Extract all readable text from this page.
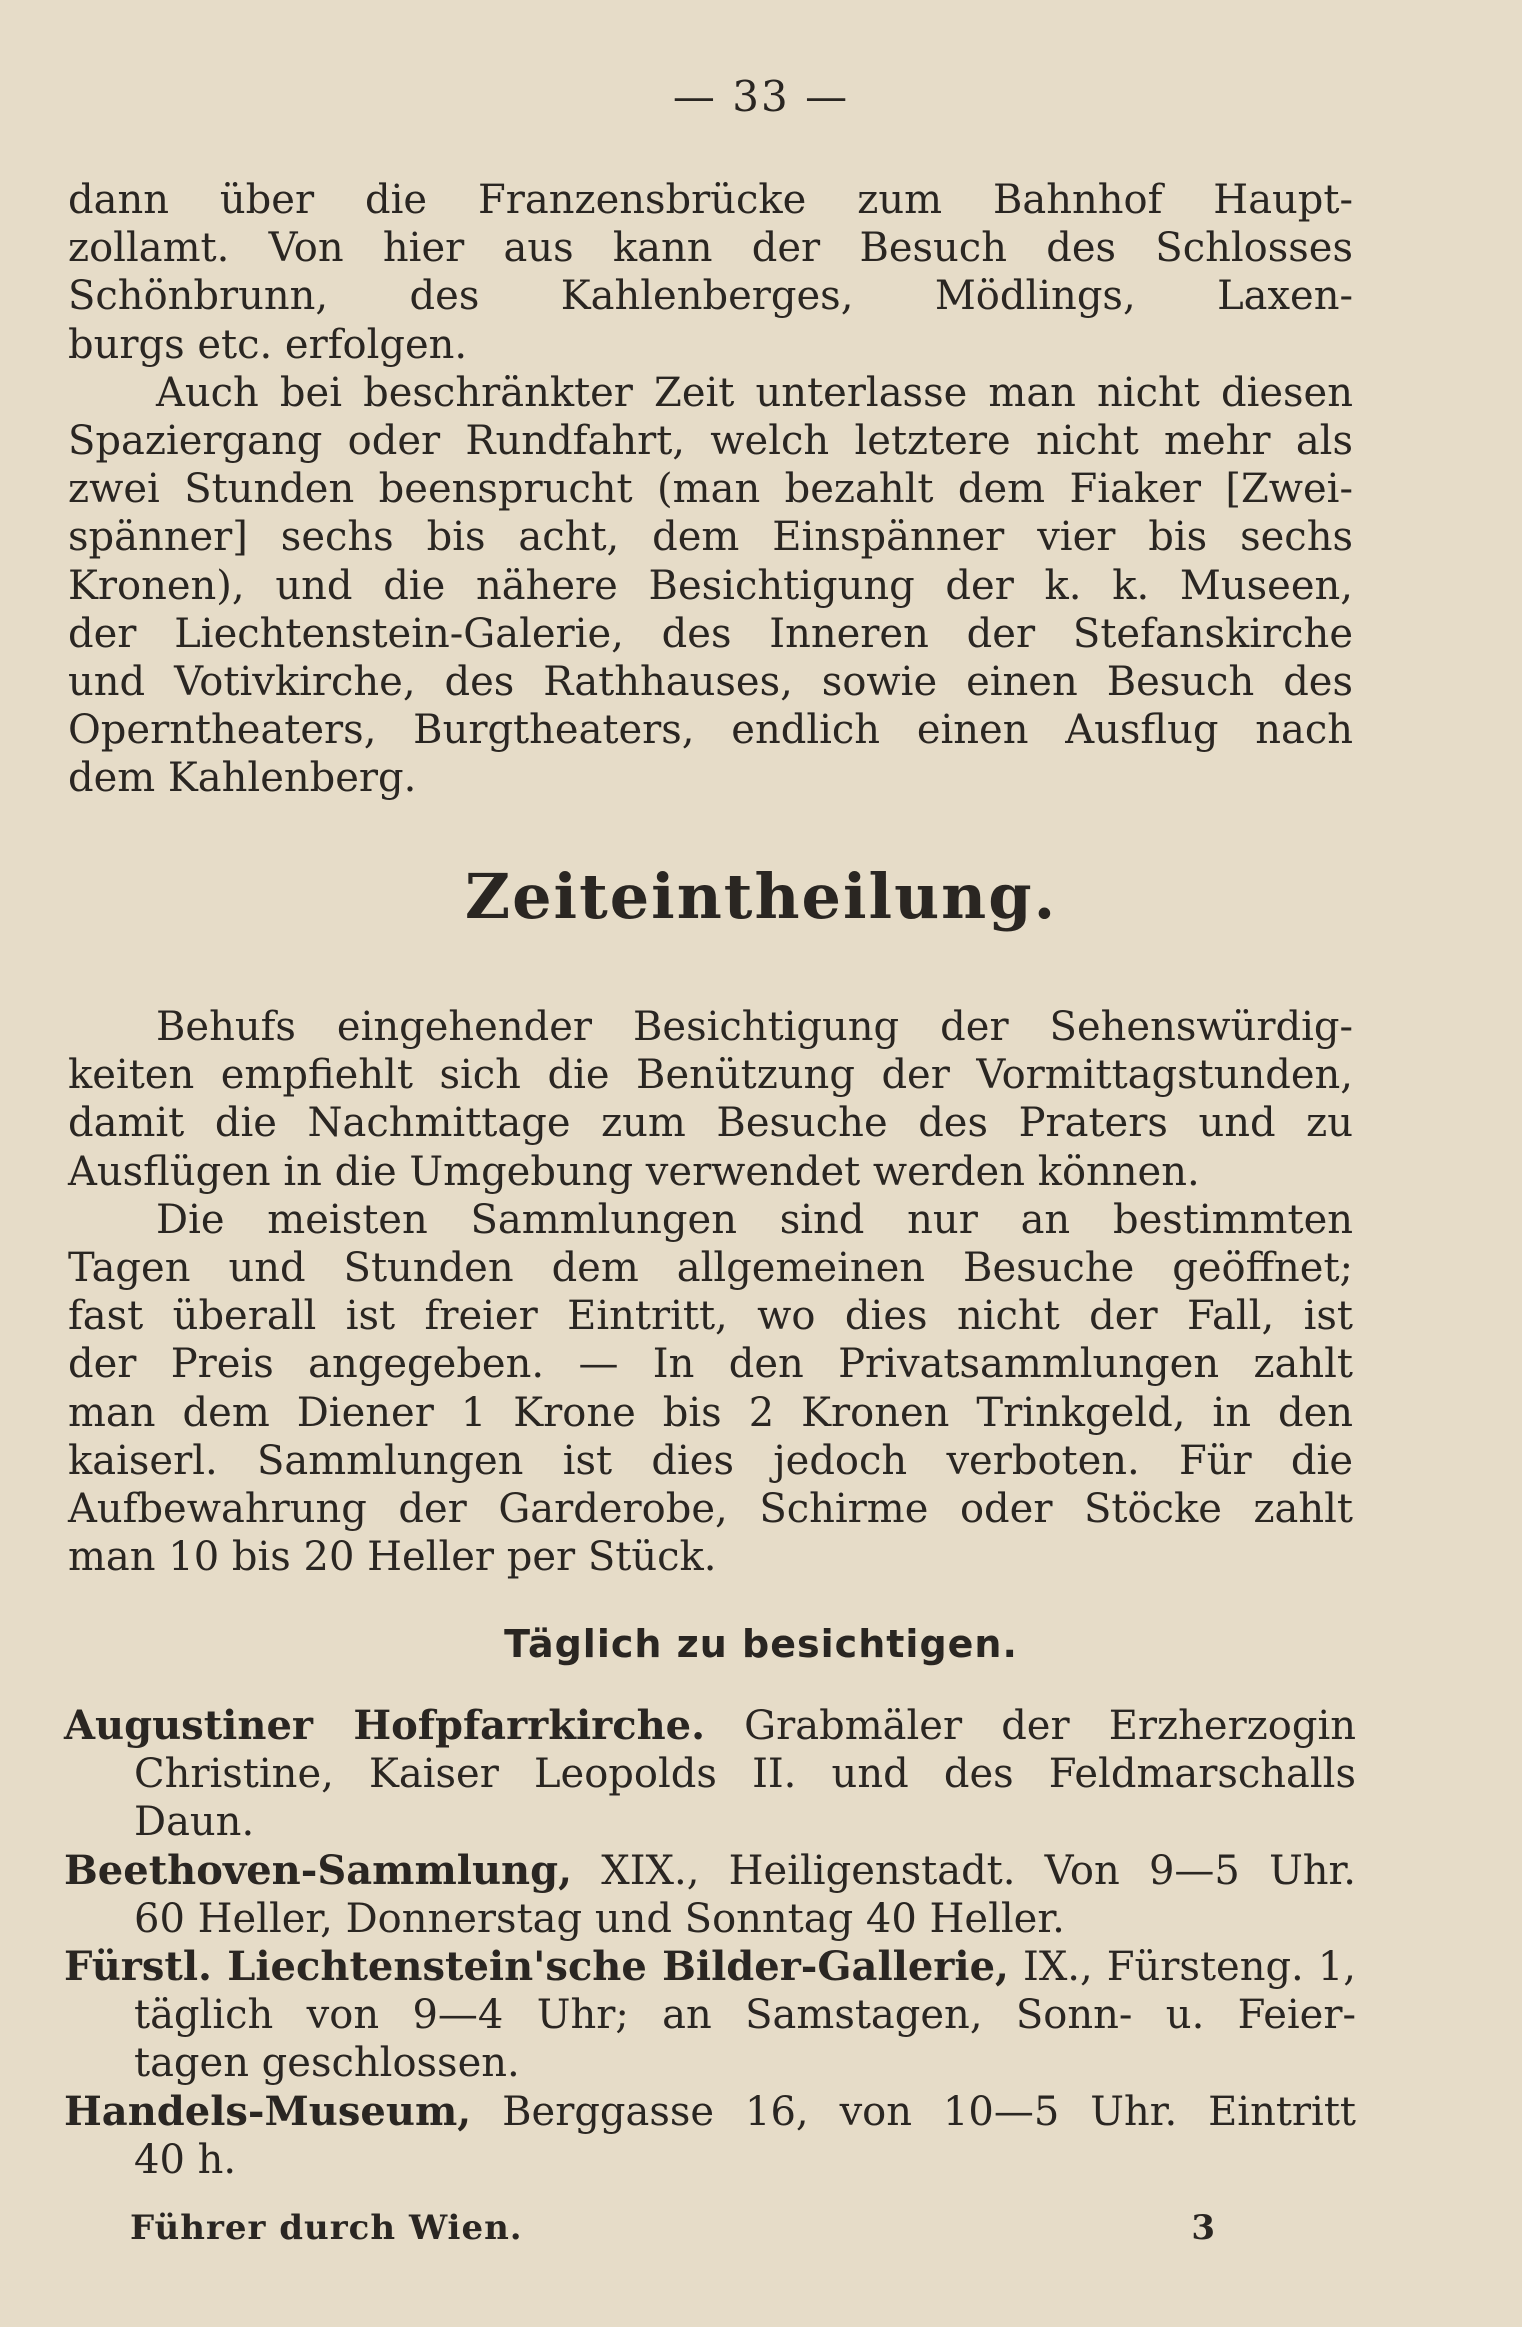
— 33 —
dann über die Franzensbrücke zum Bahnhof Haupt-
zollamt. Von hier aus kann der Besuch des Schlosses
Schönbrunn, des Kahlenberges, Mödlings, Laxen-
burgs etc. erfolgen.
Auch bei beschränkter Zeit unterlasse man nicht diesen
Spaziergang oder Rundfahrt, welch letztere nicht mehr als
zwei Stunden beensprucht (man bezahlt dem Fiaker [Zwei-
spänner] sechs bis acht, dem Einspänner vier bis sechs
Kronen), und die nähere Besichtigung der k. k. Museen,
der Liechtenstein-Galerie, des Inneren der Stefanskirche
und Votivkirche, des Rathhauses, sowie einen Besuch des
Operntheaters, Burgtheaters, endlich einen Ausflug nach
dem Kahlenberg.
Zeiteintheilung.
Behufs eingehender Besichtigung der Sehenswürdig-
keiten empfiehlt sich die Benützung der Vormittagstunden,
damit die Nachmittage zum Besuche des Praters und zu
Ausflügen in die Umgebung verwendet werden können.
Die meisten Sammlungen sind nur an bestimmten
Tagen und Stunden dem allgemeinen Besuche geöffnet;
fast überall ist freier Eintritt, wo dies nicht der Fall, ist
der Preis angegeben. — In den Privatsammlungen zahlt
man dem Diener 1 Krone bis 2 Kronen Trinkgeld, in den
kaiserl. Sammlungen ist dies jedoch verboten. Für die
Aufbewahrung der Garderobe, Schirme oder Stöcke zahlt
man 10 bis 20 Heller per Stück.
Täglich zu besichtigen.
Augustiner Hofpfarrkirche. Grabmäler der Erzherzogin
Christine, Kaiser Leopolds II. und des Feldmarschalls
Daun.
Beethoven-Sammlung, XIX., Heiligenstadt. Von 9—5 Uhr.
60 Heller, Donnerstag und Sonntag 40 Heller.
Fürstl. Liechtenstein'sche Bilder-Gallerie, IX., Fürsteng. 1,
täglich von 9—4 Uhr; an Samstagen, Sonn- u. Feier-
tagen geschlossen.
Handels-Museum, Berggasse 16, von 10—5 Uhr. Eintritt
40 h.
Führer durch Wien.	3
